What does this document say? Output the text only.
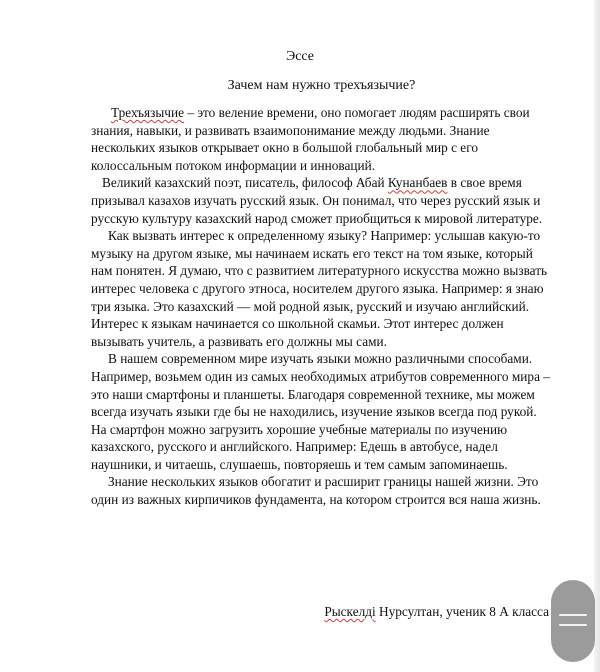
Эссе
Зачем нам нужно трехъязычие?

Трехъязычие – это веление времени, оно помогает людям расширять свои знания, навыки, и развивать взаимопонимание между людьми. Знание нескольких языков открывает окно в большой глобальный мир с его колоссальным потоком информации и инноваций.

Великий казахский поэт, писатель, философ Абай Кунанбаев в свое время призывал казахов изучать русский язык. Он понимал, что через русский язык и русскую культуру казахский народ сможет приобщиться к мировой литературе.

Как вызвать интерес к определенному языку? Например: услышав какую-то музыку на другом языке, мы начинаем искать его текст на том языке, который нам понятен. Я думаю, что с развитием литературного искусства можно вызвать интерес человека с другого этноса, носителем другого языка. Например: я знаю три языка. Это казахский — мой родной язык, русский и изучаю английский. Интерес к языкам начинается со школьной скамьи. Этот интерес должен вызывать учитель, а развивать его должны мы сами.

В нашем современном мире изучать языки можно различными способами. Например, возьмем один из самых необходимых атрибутов современного мира – это наши смартфоны и планшеты. Благодаря современной технике, мы можем всегда изучать языки где бы не находились, изучение языков всегда под рукой. На смартфон можно загрузить хорошие учебные материалы по изучению казахского, русского и английского. Например: Едешь в автобусе, надел наушники, и читаешь, слушаешь, повторяешь и тем самым запоминаешь.

Знание нескольких языков обогатит и расширит границы нашей жизни. Это один из важных кирпичиков фундамента, на котором строится вся наша жизнь.

Рыскелді Нурсултан, ученик 8 А класса
